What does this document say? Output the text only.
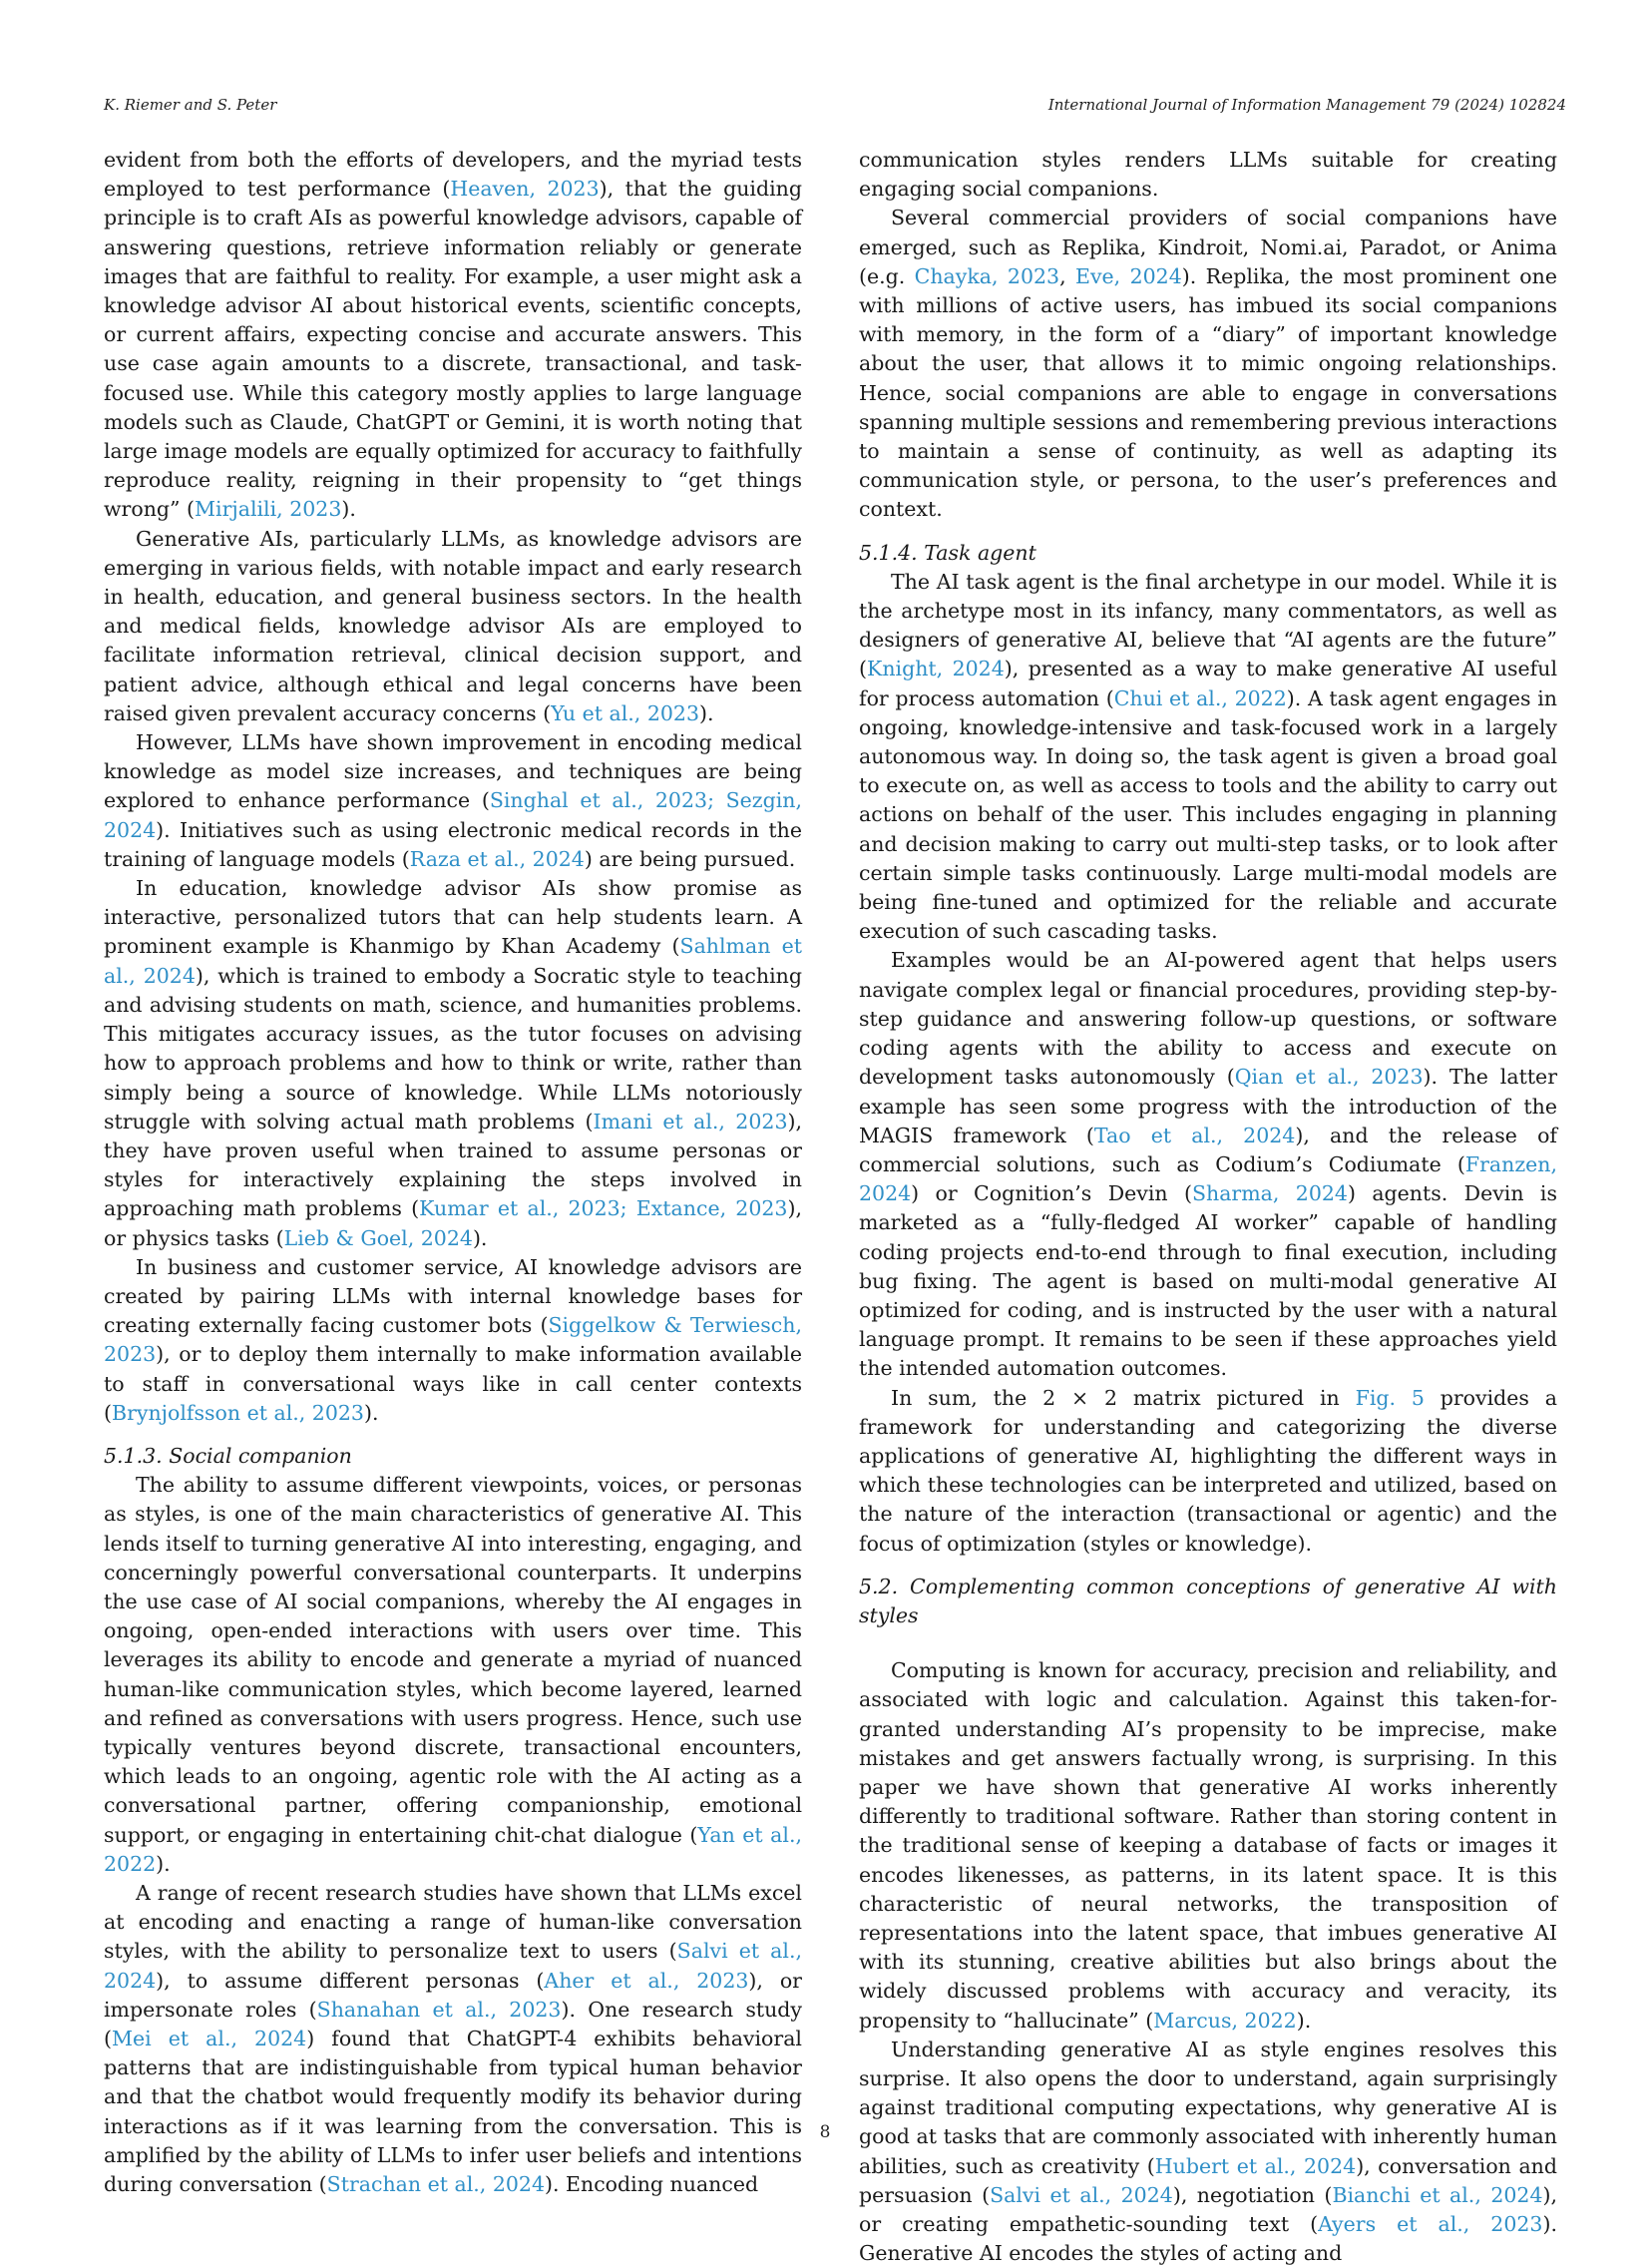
K. Riemer and S. Peter	International Journal of Information Management 79 (2024) 102824

evident from both the efforts of developers, and the myriad tests employed to test performance (Heaven, 2023), that the guiding principle is to craft AIs as powerful knowledge advisors, capable of answering questions, retrieve information reliably or generate images that are faithful to reality. For example, a user might ask a knowledge advisor AI about historical events, scientific concepts, or current affairs, expecting concise and accurate answers. This use case again amounts to a discrete, transactional, and task-focused use. While this category mostly applies to large language models such as Claude, ChatGPT or Gemini, it is worth noting that large image models are equally optimized for accuracy to faithfully reproduce reality, reigning in their propensity to “get things wrong” (Mirjalili, 2023).

Generative AIs, particularly LLMs, as knowledge advisors are emerging in various fields, with notable impact and early research in health, education, and general business sectors. In the health and medical fields, knowledge advisor AIs are employed to facilitate information retrieval, clinical decision support, and patient advice, although ethical and legal concerns have been raised given prevalent accuracy concerns (Yu et al., 2023).

However, LLMs have shown improvement in encoding medical knowledge as model size increases, and techniques are being explored to enhance performance (Singhal et al., 2023; Sezgin, 2024). Initiatives such as using electronic medical records in the training of language models (Raza et al., 2024) are being pursued.

In education, knowledge advisor AIs show promise as interactive, personalized tutors that can help students learn. A prominent example is Khanmigo by Khan Academy (Sahlman et al., 2024), which is trained to embody a Socratic style to teaching and advising students on math, science, and humanities problems. This mitigates accuracy issues, as the tutor focuses on advising how to approach problems and how to think or write, rather than simply being a source of knowledge. While LLMs notoriously struggle with solving actual math problems (Imani et al., 2023), they have proven useful when trained to assume personas or styles for interactively explaining the steps involved in approaching math problems (Kumar et al., 2023; Extance, 2023), or physics tasks (Lieb & Goel, 2024).

In business and customer service, AI knowledge advisors are created by pairing LLMs with internal knowledge bases for creating externally facing customer bots (Siggelkow & Terwiesch, 2023), or to deploy them internally to make information available to staff in conversational ways like in call center contexts (Brynjolfsson et al., 2023).

5.1.3. Social companion

The ability to assume different viewpoints, voices, or personas as styles, is one of the main characteristics of generative AI. This lends itself to turning generative AI into interesting, engaging, and concerningly powerful conversational counterparts. It underpins the use case of AI social companions, whereby the AI engages in ongoing, open-ended interactions with users over time. This leverages its ability to encode and generate a myriad of nuanced human-like communication styles, which become layered, learned and refined as conversations with users progress. Hence, such use typically ventures beyond discrete, transactional encounters, which leads to an ongoing, agentic role with the AI acting as a conversational partner, offering companionship, emotional support, or engaging in entertaining chit-chat dialogue (Yan et al., 2022).

A range of recent research studies have shown that LLMs excel at encoding and enacting a range of human-like conversation styles, with the ability to personalize text to users (Salvi et al., 2024), to assume different personas (Aher et al., 2023), or impersonate roles (Shanahan et al., 2023). One research study (Mei et al., 2024) found that ChatGPT-4 exhibits behavioral patterns that are indistinguishable from typical human behavior and that the chatbot would frequently modify its behavior during interactions as if it was learning from the conversation. This is amplified by the ability of LLMs to infer user beliefs and intentions during conversation (Strachan et al., 2024). Encoding nuanced

communication styles renders LLMs suitable for creating engaging social companions.

Several commercial providers of social companions have emerged, such as Replika, Kindroit, Nomi.ai, Paradot, or Anima (e.g. Chayka, 2023, Eve, 2024). Replika, the most prominent one with millions of active users, has imbued its social companions with memory, in the form of a “diary” of important knowledge about the user, that allows it to mimic ongoing relationships. Hence, social companions are able to engage in conversations spanning multiple sessions and remembering previous interactions to maintain a sense of continuity, as well as adapting its communication style, or persona, to the user’s preferences and context.

5.1.4. Task agent

The AI task agent is the final archetype in our model. While it is the archetype most in its infancy, many commentators, as well as designers of generative AI, believe that “AI agents are the future” (Knight, 2024), presented as a way to make generative AI useful for process automation (Chui et al., 2022). A task agent engages in ongoing, knowledge-intensive and task-focused work in a largely autonomous way. In doing so, the task agent is given a broad goal to execute on, as well as access to tools and the ability to carry out actions on behalf of the user. This includes engaging in planning and decision making to carry out multi-step tasks, or to look after certain simple tasks continuously. Large multi-modal models are being fine-tuned and optimized for the reliable and accurate execution of such cascading tasks.

Examples would be an AI-powered agent that helps users navigate complex legal or financial procedures, providing step-by-step guidance and answering follow-up questions, or software coding agents with the ability to access and execute on development tasks autonomously (Qian et al., 2023). The latter example has seen some progress with the introduction of the MAGIS framework (Tao et al., 2024), and the release of commercial solutions, such as Codium’s Codiumate (Franzen, 2024) or Cognition’s Devin (Sharma, 2024) agents. Devin is marketed as a “fully-fledged AI worker” capable of handling coding projects end-to-end through to final execution, including bug fixing. The agent is based on multi-modal generative AI optimized for coding, and is instructed by the user with a natural language prompt. It remains to be seen if these approaches yield the intended automation outcomes.

In sum, the 2 × 2 matrix pictured in Fig. 5 provides a framework for understanding and categorizing the diverse applications of generative AI, highlighting the different ways in which these technologies can be interpreted and utilized, based on the nature of the interaction (transactional or agentic) and the focus of optimization (styles or knowledge).

5.2. Complementing common conceptions of generative AI with styles

Computing is known for accuracy, precision and reliability, and associated with logic and calculation. Against this taken-for-granted understanding AI’s propensity to be imprecise, make mistakes and get answers factually wrong, is surprising. In this paper we have shown that generative AI works inherently differently to traditional software. Rather than storing content in the traditional sense of keeping a database of facts or images it encodes likenesses, as patterns, in its latent space. It is this characteristic of neural networks, the transposition of representations into the latent space, that imbues generative AI with its stunning, creative abilities but also brings about the widely discussed problems with accuracy and veracity, its propensity to “hallucinate” (Marcus, 2022).

Understanding generative AI as style engines resolves this surprise. It also opens the door to understand, again surprisingly against traditional computing expectations, why generative AI is good at tasks that are commonly associated with inherently human abilities, such as creativity (Hubert et al., 2024), conversation and persuasion (Salvi et al., 2024), negotiation (Bianchi et al., 2024), or creating empathetic-sounding text (Ayers et al., 2023). Generative AI encodes the styles of acting and

8
